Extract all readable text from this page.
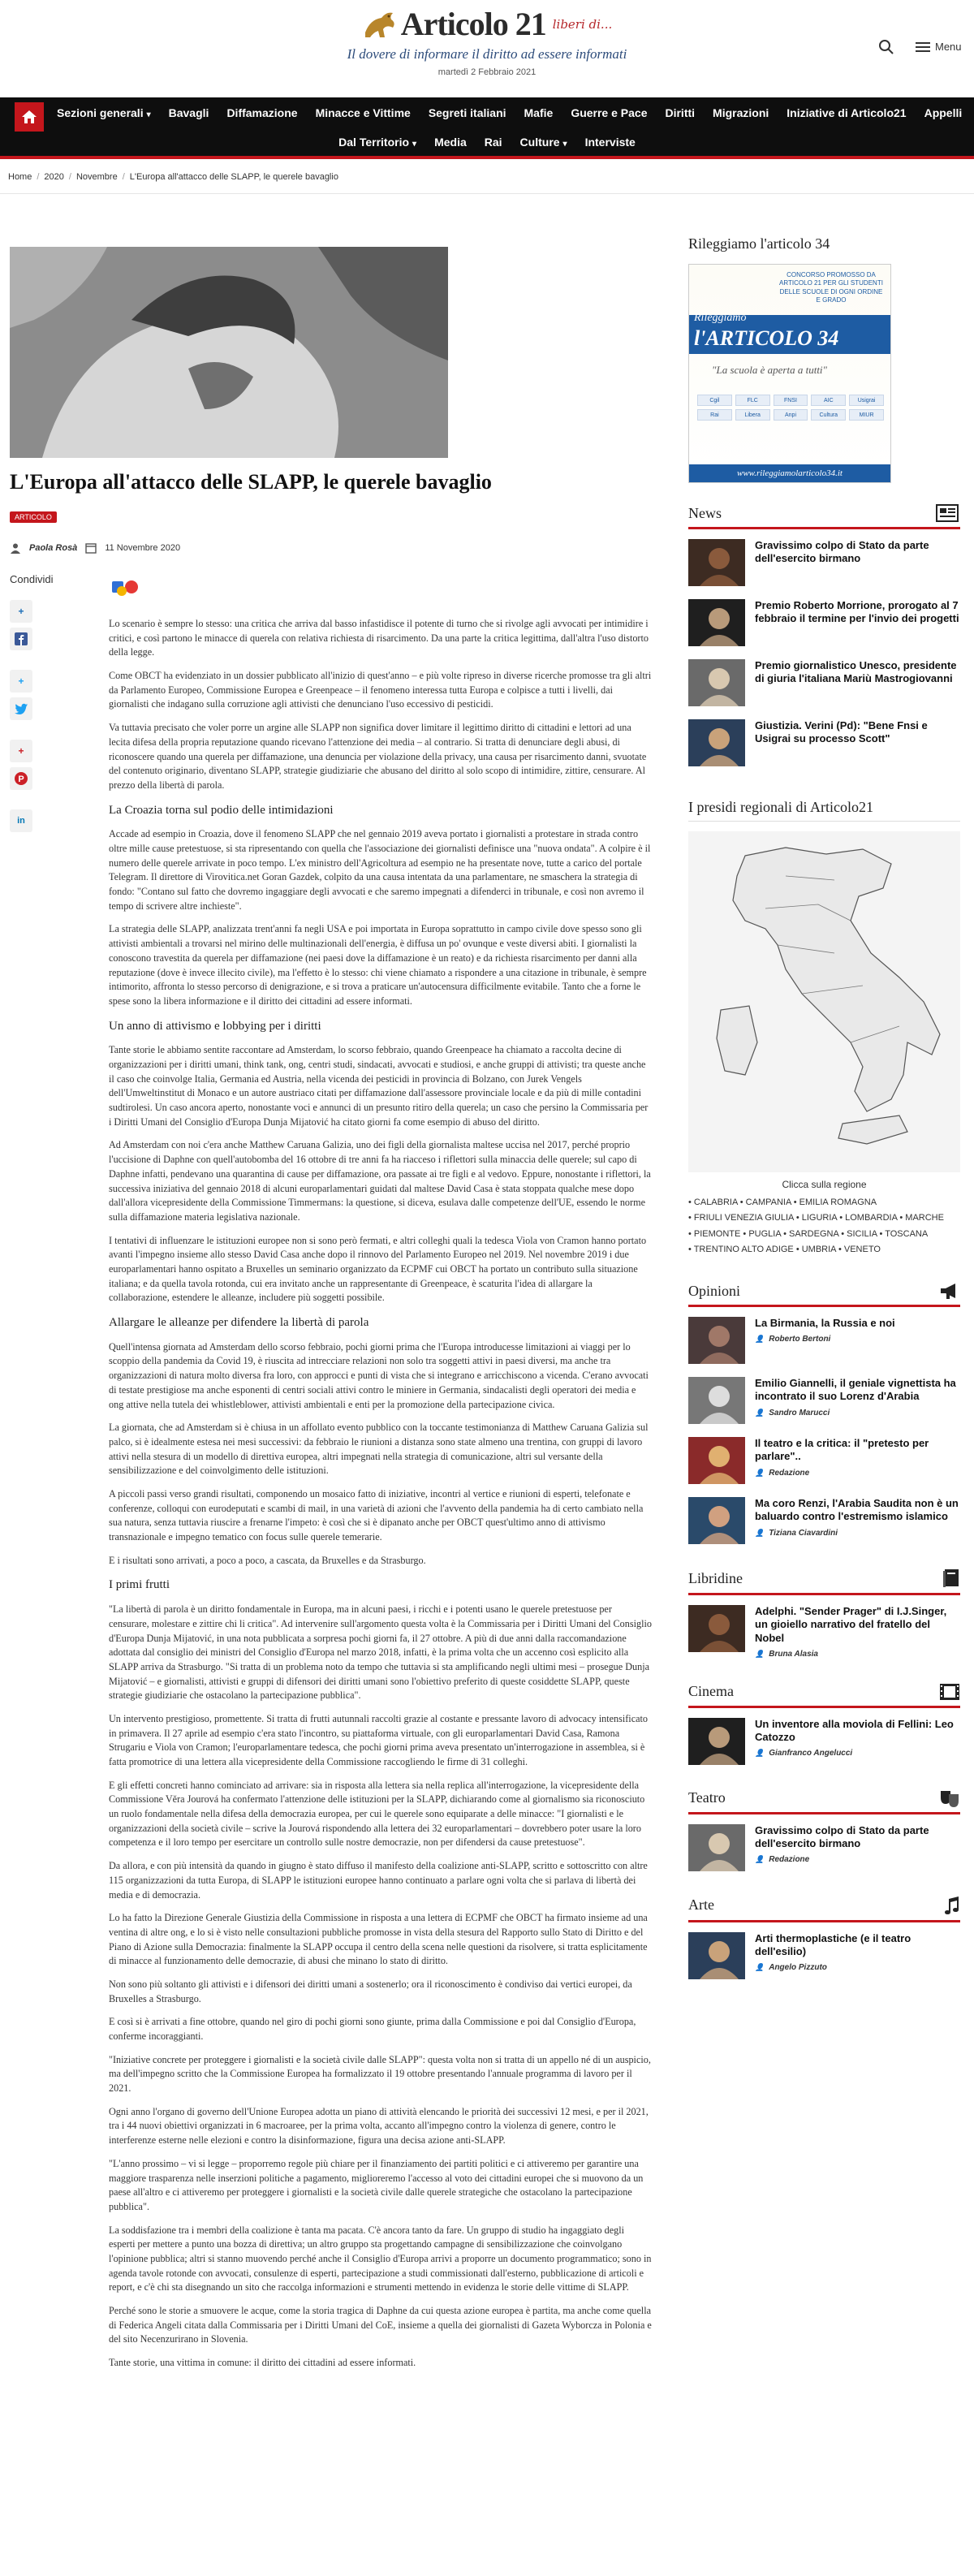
Articolo 21 liberi di...
Il dovere di informare il diritto ad essere informati
martedì 2 Febbraio 2021
Menu
Sezioni generali ▾ Bavagli Diffamazione Minacce e Vittime Segreti italiani Mafie Guerre e Pace Diritti Migrazioni Iniziative di Articolo21 Appelli
Dal Territorio ▾ Media Rai Culture ▾ Interviste
Home / 2020 / Novembre / L'Europa all'attacco delle SLAPP, le querele bavaglio
L'Europa all'attacco delle SLAPP, le querele bavaglio
ARTICOLO
Paola Rosà	11 Novembre 2020
Condividi
+
+
+
P
in

Lo scenario è sempre lo stesso: una critica che arriva dal basso infastidisce il potente di turno che si rivolge agli avvocati per intimidire i critici, e così partono le minacce di querela con relativa richiesta di risarcimento. Da una parte la critica legittima, dall'altra l'uso distorto della legge.

Come OBCT ha evidenziato in un dossier pubblicato all'inizio di quest'anno – e più volte ripreso in diverse ricerche promosse tra gli altri da Parlamento Europeo, Commissione Europea e Greenpeace – il fenomeno interessa tutta Europa e colpisce a tutti i livelli, dai giornalisti che indagano sulla corruzione agli attivisti che denunciano l'uso eccessivo di pesticidi.

Va tuttavia precisato che voler porre un argine alle SLAPP non significa dover limitare il legittimo diritto di cittadini e lettori ad una lecita difesa della propria reputazione quando ricevano l'attenzione dei media – al contrario. Si tratta di denunciare degli abusi, di riconoscere quando una querela per diffamazione, una denuncia per violazione della privacy, una causa per risarcimento danni, svuotate del contenuto originario, diventano SLAPP, strategie giudiziarie che abusano del diritto al solo scopo di intimidire, zittire, censurare. Al prezzo della libertà di parola.

La Croazia torna sul podio delle intimidazioni

Accade ad esempio in Croazia, dove il fenomeno SLAPP che nel gennaio 2019 aveva portato i giornalisti a protestare in strada contro oltre mille cause pretestuose, si sta ripresentando con quella che l'associazione dei giornalisti definisce una "nuova ondata". A colpire è il numero delle querele arrivate in poco tempo. L'ex ministro dell'Agricoltura ad esempio ne ha presentate nove, tutte a carico del portale Telegram. Il direttore di Virovitica.net Goran Gazdek, colpito da una causa intentata da una parlamentare, ne smaschera la strategia di fondo: "Contano sul fatto che dovremo ingaggiare degli avvocati e che saremo impegnati a difenderci in tribunale, e così non avremo il tempo di scrivere altre inchieste".

La strategia delle SLAPP, analizzata trent'anni fa negli USA e poi importata in Europa soprattutto in campo civile dove spesso sono gli attivisti ambientali a trovarsi nel mirino delle multinazionali dell'energia, è diffusa un po' ovunque e veste diversi abiti. I giornalisti la conoscono travestita da querela per diffamazione (nei paesi dove la diffamazione è un reato) e da richiesta risarcimento per danni alla reputazione (dove è invece illecito civile), ma l'effetto è lo stesso: chi viene chiamato a rispondere a una citazione in tribunale, è sempre intimorito, affronta lo stesso percorso di denigrazione, e si trova a praticare un'autocensura difficilmente evitabile. Tanto che a forne le spese sono la libera informazione e il diritto dei cittadini ad essere informati.

Un anno di attivismo e lobbying per i diritti

Tante storie le abbiamo sentite raccontare ad Amsterdam, lo scorso febbraio, quando Greenpeace ha chiamato a raccolta decine di organizzazioni per i diritti umani, think tank, ong, centri studi, sindacati, avvocati e studiosi, e anche gruppi di attivisti; tra queste anche il caso che coinvolge Italia, Germania ed Austria, nella vicenda dei pesticidi in provincia di Bolzano, con Jurek Vengels dell'Umweltinstitut di Monaco e un autore austriaco citati per diffamazione dall'assessore provinciale locale e da più di mille contadini sudtirolesi. Un caso ancora aperto, nonostante voci e annunci di un presunto ritiro della querela; un caso che persino la Commissaria per i Diritti Umani del Consiglio d'Europa Dunja Mijatović ha citato giorni fa come esempio di abuso del diritto.

Ad Amsterdam con noi c'era anche Matthew Caruana Galizia, uno dei figli della giornalista maltese uccisa nel 2017, perché proprio l'uccisione di Daphne con quell'autobomba del 16 ottobre di tre anni fa ha riacceso i riflettori sulla minaccia delle querele; sul capo di Daphne infatti, pendevano una quarantina di cause per diffamazione, ora passate ai tre figli e al vedovo. Eppure, nonostante i riflettori, la successiva iniziativa del gennaio 2018 di alcuni europarlamentari guidati dal maltese David Casa è stata stoppata qualche mese dopo dall'allora vicepresidente della Commissione Timmermans: la questione, si diceva, esulava dalle competenze dell'UE, essendo le norme sulla diffamazione materia legislativa nazionale.

I tentativi di influenzare le istituzioni europee non si sono però fermati, e altri colleghi quali la tedesca Viola von Cramon hanno portato avanti l'impegno insieme allo stesso David Casa anche dopo il rinnovo del Parlamento Europeo nel 2019. Nel novembre 2019 i due europarlamentari hanno ospitato a Bruxelles un seminario organizzato da ECPMF cui OBCT ha portato un contributo sulla situazione italiana; e da quella tavola rotonda, cui era invitato anche un rappresentante di Greenpeace, è scaturita l'idea di allargare la collaborazione, estendere le alleanze, includere più soggetti possibile.

Allargare le alleanze per difendere la libertà di parola

Quell'intensa giornata ad Amsterdam dello scorso febbraio, pochi giorni prima che l'Europa introducesse limitazioni ai viaggi per lo scoppio della pandemia da Covid 19, è riuscita ad intrecciare relazioni non solo tra soggetti attivi in paesi diversi, ma anche tra organizzazioni di natura molto diversa fra loro, con approcci e punti di vista che si integrano e arricchiscono a vicenda. C'erano avvocati di testate prestigiose ma anche esponenti di centri sociali attivi contro le miniere in Germania, sindacalisti degli operatori dei media e ong attive nella tutela dei whistleblower, attivisti ambientali e enti per la promozione della partecipazione civica.

La giornata, che ad Amsterdam si è chiusa in un affollato evento pubblico con la toccante testimonianza di Matthew Caruana Galizia sul palco, si è idealmente estesa nei mesi successivi: da febbraio le riunioni a distanza sono state almeno una trentina, con gruppi di lavoro attivi nella stesura di un modello di direttiva europea, altri impegnati nella strategia di comunicazione, altri sul versante della sensibilizzazione e del coinvolgimento delle istituzioni.

A piccoli passi verso grandi risultati, componendo un mosaico fatto di iniziative, incontri al vertice e riunioni di esperti, telefonate e conferenze, colloqui con eurodeputati e scambi di mail, in una varietà di azioni che l'avvento della pandemia ha di certo cambiato nella sua natura, senza tuttavia riuscire a frenarne l'impeto: è così che si è dipanato anche per OBCT quest'ultimo anno di attivismo transnazionale e impegno tematico con focus sulle querele temerarie.

E i risultati sono arrivati, a poco a poco, a cascata, da Bruxelles e da Strasburgo.

I primi frutti

"La libertà di parola è un diritto fondamentale in Europa, ma in alcuni paesi, i ricchi e i potenti usano le querele pretestuose per censurare, molestare e zittire chi li critica". Ad intervenire sull'argomento questa volta è la Commissaria per i Diritti Umani del Consiglio d'Europa Dunja Mijatović, in una nota pubblicata a sorpresa pochi giorni fa, il 27 ottobre. A più di due anni dalla raccomandazione adottata dal consiglio dei ministri del Consiglio d'Europa nel marzo 2018, infatti, è la prima volta che un accenno così esplicito alla SLAPP arriva da Strasburgo. "Si tratta di un problema noto da tempo che tuttavia si sta amplificando negli ultimi mesi – prosegue Dunja Mijatović – e giornalisti, attivisti e gruppi di difensori dei diritti umani sono l'obiettivo preferito di queste cosiddette SLAPP, queste strategie giudiziarie che ostacolano la partecipazione pubblica".

Un intervento prestigioso, promettente. Si tratta di frutti autunnali raccolti grazie al costante e pressante lavoro di advocacy intensificato in primavera. Il 27 aprile ad esempio c'era stato l'incontro, su piattaforma virtuale, con gli europarlamentari David Casa, Ramona Strugariu e Viola von Cramon; l'europarlamentare tedesca, che pochi giorni prima aveva presentato un'interrogazione in assemblea, si è fatta promotrice di una lettera alla vicepresidente della Commissione raccogliendo le firme di 31 colleghi.

E gli effetti concreti hanno cominciato ad arrivare: sia in risposta alla lettera sia nella replica all'interrogazione, la vicepresidente della Commissione Věra Jourová ha confermato l'attenzione delle istituzioni per la SLAPP, dichiarando come al giornalismo sia riconosciuto un ruolo fondamentale nella difesa della democrazia europea, per cui le querele sono equiparate a delle minacce: "I giornalisti e le organizzazioni della società civile – scrive la Jourová rispondendo alla lettera dei 32 europarlamentari – dovrebbero poter usare la loro competenza e il loro tempo per esercitare un controllo sulle nostre democrazie, non per difendersi da cause pretestuose".

Da allora, e con più intensità da quando in giugno è stato diffuso il manifesto della coalizione anti-SLAPP, scritto e sottoscritto con altre 115 organizzazioni da tutta Europa, di SLAPP le istituzioni europee hanno continuato a parlare ogni volta che si parlava di libertà dei media e di democrazia.

Lo ha fatto la Direzione Generale Giustizia della Commissione in risposta a una lettera di ECPMF che OBCT ha firmato insieme ad una ventina di altre ong, e lo si è visto nelle consultazioni pubbliche promosse in vista della stesura del Rapporto sullo Stato di Diritto e del Piano di Azione sulla Democrazia: finalmente la SLAPP occupa il centro della scena nelle questioni da risolvere, si tratta esplicitamente di minacce al funzionamento delle democrazie, di abusi che minano lo stato di diritto.

Non sono più soltanto gli attivisti e i difensori dei diritti umani a sostenerlo; ora il riconoscimento è condiviso dai vertici europei, da Bruxelles a Strasburgo.

E così si è arrivati a fine ottobre, quando nel giro di pochi giorni sono giunte, prima dalla Commissione e poi dal Consiglio d'Europa, conferme incoraggianti.

"Iniziative concrete per proteggere i giornalisti e la società civile dalle SLAPP": questa volta non si tratta di un appello né di un auspicio, ma dell'impegno scritto che la Commissione Europea ha formalizzato il 19 ottobre presentando l'annuale programma di lavoro per il 2021.

Ogni anno l'organo di governo dell'Unione Europea adotta un piano di attività elencando le priorità dei successivi 12 mesi, e per il 2021, tra i 44 nuovi obiettivi organizzati in 6 macroaree, per la prima volta, accanto all'impegno contro la violenza di genere, contro le interferenze esterne nelle elezioni e contro la disinformazione, figura una decisa azione anti-SLAPP.

"L'anno prossimo – vi si legge – proporremo regole più chiare per il finanziamento dei partiti politici e ci attiveremo per garantire una maggiore trasparenza nelle inserzioni politiche a pagamento, miglioreremo l'accesso al voto dei cittadini europei che si muovono da un paese all'altro e ci attiveremo per proteggere i giornalisti e la società civile dalle querele strategiche che ostacolano la partecipazione pubblica".

La soddisfazione tra i membri della coalizione è tanta ma pacata. C'è ancora tanto da fare. Un gruppo di studio ha ingaggiato degli esperti per mettere a punto una bozza di direttiva; un altro gruppo sta progettando campagne di sensibilizzazione che coinvolgano l'opinione pubblica; altri si stanno muovendo perché anche il Consiglio d'Europa arrivi a proporre un documento programmatico; sono in agenda tavole rotonde con avvocati, consulenze di esperti, partecipazione a studi commissionati dall'esterno, pubblicazione di articoli e report, e c'è chi sta disegnando un sito che raccolga informazioni e strumenti mettendo in evidenza le storie delle vittime di SLAPP.

Perché sono le storie a smuovere le acque, come la storia tragica di Daphne da cui questa azione europea è partita, ma anche come quella di Federica Angeli citata dalla Commissaria per i Diritti Umani del CoE, insieme a quella dei giornalisti di Gazeta Wyborcza in Polonia e del sito Necenzurirano in Slovenia.

Tante storie, una vittima in comune: il diritto dei cittadini ad essere informati.

Rileggiamo l'articolo 34
CONCORSO PROMOSSO DA ARTICOLO 21 PER GLI STUDENTI DELLE SCUOLE DI OGNI ORDINE E GRADO
Rileggiamo
l'ARTICOLO 34
"La scuola è aperta a tutti"
Cgil	FLC	FNSI	AIC	Usigrai
Rai	Libera	Anpi	Cultura	MIUR
www.rileggiamolarticolo34.it
News
Gravissimo colpo di Stato da parte dell'esercito birmano
Premio Roberto Morrione, prorogato al 7 febbraio il termine per l'invio dei progetti
Premio giornalistico Unesco, presidente di giuria l'italiana Mariù Mastrogiovanni
Giustizia. Verini (Pd): "Bene Fnsi e Usigrai su processo Scott"
I presidi regionali di Articolo21
Clicca sulla regione
• CALABRIA • CAMPANIA • EMILIA ROMAGNA • FRIULI VENEZIA GIULIA • LIGURIA • LOMBARDIA • MARCHE • PIEMONTE • PUGLIA • SARDEGNA • SICILIA • TOSCANA • TRENTINO ALTO ADIGE • UMBRIA • VENETO
Opinioni
La Birmania, la Russia e noi
👤 Roberto Bertoni
Emilio Giannelli, il geniale vignettista ha incontrato il suo Lorenz d'Arabia
👤 Sandro Marucci
Il teatro e la critica: il "pretesto per parlare"..
👤 Redazione
Ma coro Renzi, l'Arabia Saudita non è un baluardo contro l'estremismo islamico
👤 Tiziana Ciavardini
Libridine
Adelphi. "Sender Prager" di I.J.Singer, un gioiello narrativo del fratello del Nobel
👤 Bruna Alasia
Cinema
Un inventore alla moviola di Fellini: Leo Catozzo
👤 Gianfranco Angelucci
Teatro
Gravissimo colpo di Stato da parte dell'esercito birmano
👤 Redazione
Arte
Arti thermoplastiche (e il teatro dell'esilio)
👤 Angelo Pizzuto
